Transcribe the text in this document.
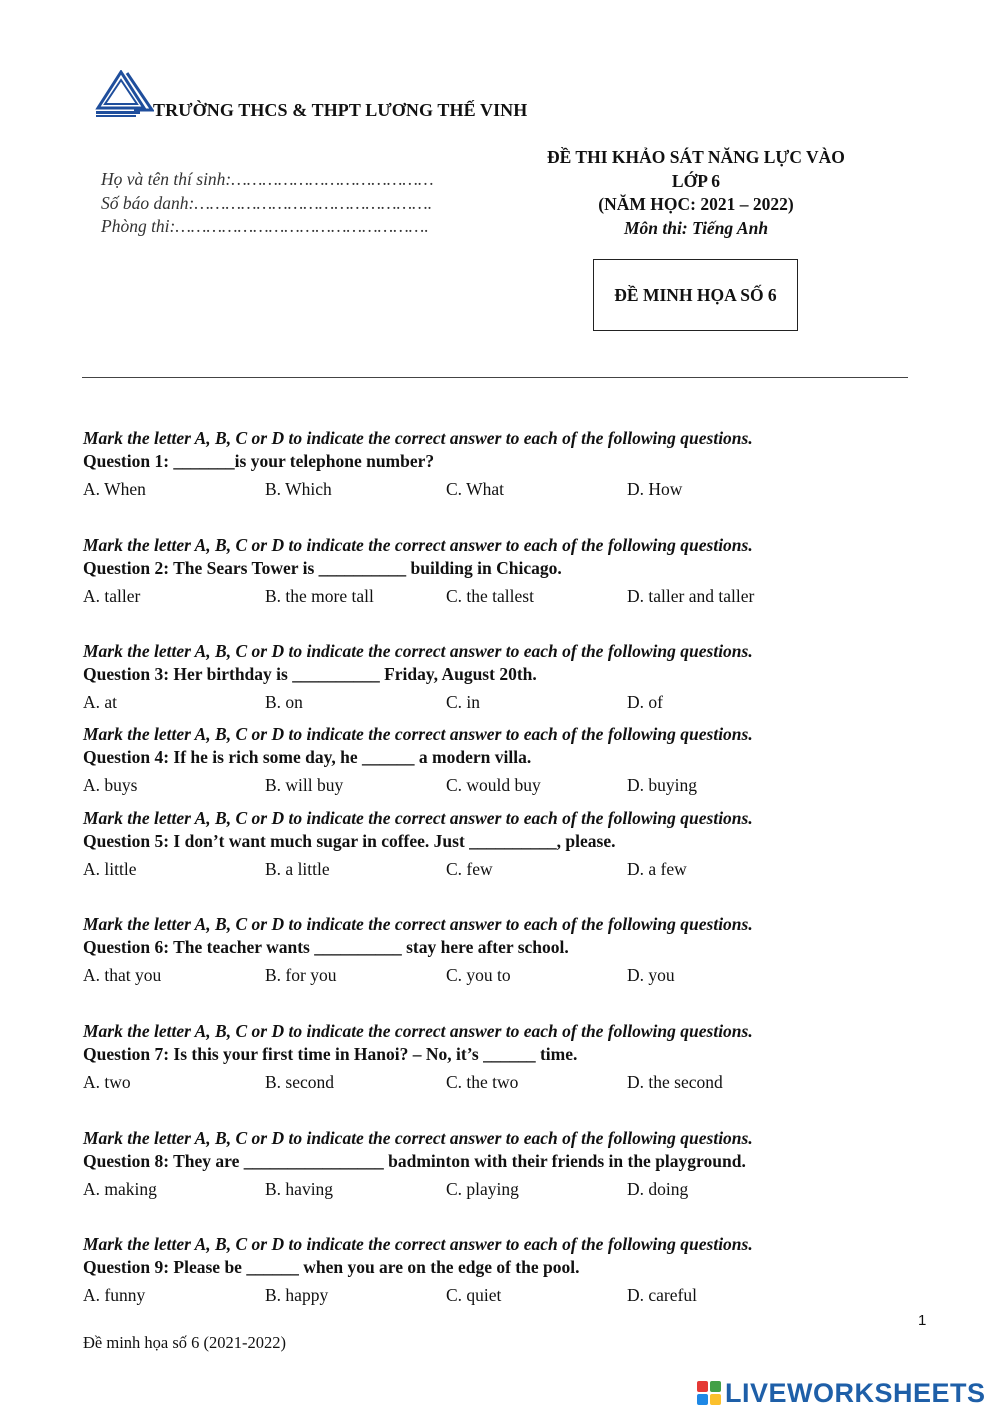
TRƯỜNG THCS & THPT LƯƠNG THẾ VINH
Họ và tên thí sinh:…………………………………
Số báo danh:……………………………………….
Phòng thi:………………………………………….
ĐỀ THI KHẢO SÁT NĂNG LỰC VÀO
LỚP 6
(NĂM HỌC: 2021 – 2022)
Môn thi: Tiếng Anh
ĐỀ MINH HỌA SỐ 6
Mark the letter A, B, C or D to indicate the correct answer to each of the following questions.
Question 1: _______is your telephone number?
A. When	B. Which	C. What	D. How
Mark the letter A, B, C or D to indicate the correct answer to each of the following questions.
Question 2: The Sears Tower is __________ building in Chicago.
A. taller	B. the more tall	C. the tallest	D. taller and taller
Mark the letter A, B, C or D to indicate the correct answer to each of the following questions.
Question 3: Her birthday is __________ Friday, August 20th.
A. at	B. on	C. in	D. of
Mark the letter A, B, C or D to indicate the correct answer to each of the following questions.
Question 4: If he is rich some day, he ______ a modern villa.
A. buys	B. will buy	C. would buy	D. buying
Mark the letter A, B, C or D to indicate the correct answer to each of the following questions.
Question 5: I don’t want much sugar in coffee. Just __________, please.
A. little	B. a little	C. few	D. a few
Mark the letter A, B, C or D to indicate the correct answer to each of the following questions.
Question 6: The teacher wants __________ stay here after school.
A. that you	B. for you	C. you to	D. you
Mark the letter A, B, C or D to indicate the correct answer to each of the following questions.
Question 7: Is this your first time in Hanoi? – No, it’s ______ time.
A. two	B. second	C. the two	D. the second
Mark the letter A, B, C or D to indicate the correct answer to each of the following questions.
Question 8: They are ________________ badminton with their friends in the playground.
A. making	B. having	C. playing	D. doing
Mark the letter A, B, C or D to indicate the correct answer to each of the following questions.
Question 9: Please be ______ when you are on the edge of the pool.
A. funny	B. happy	C. quiet	D. careful
1
Đề minh họa số 6 (2021-2022)
LIVEWORKSHEETS
